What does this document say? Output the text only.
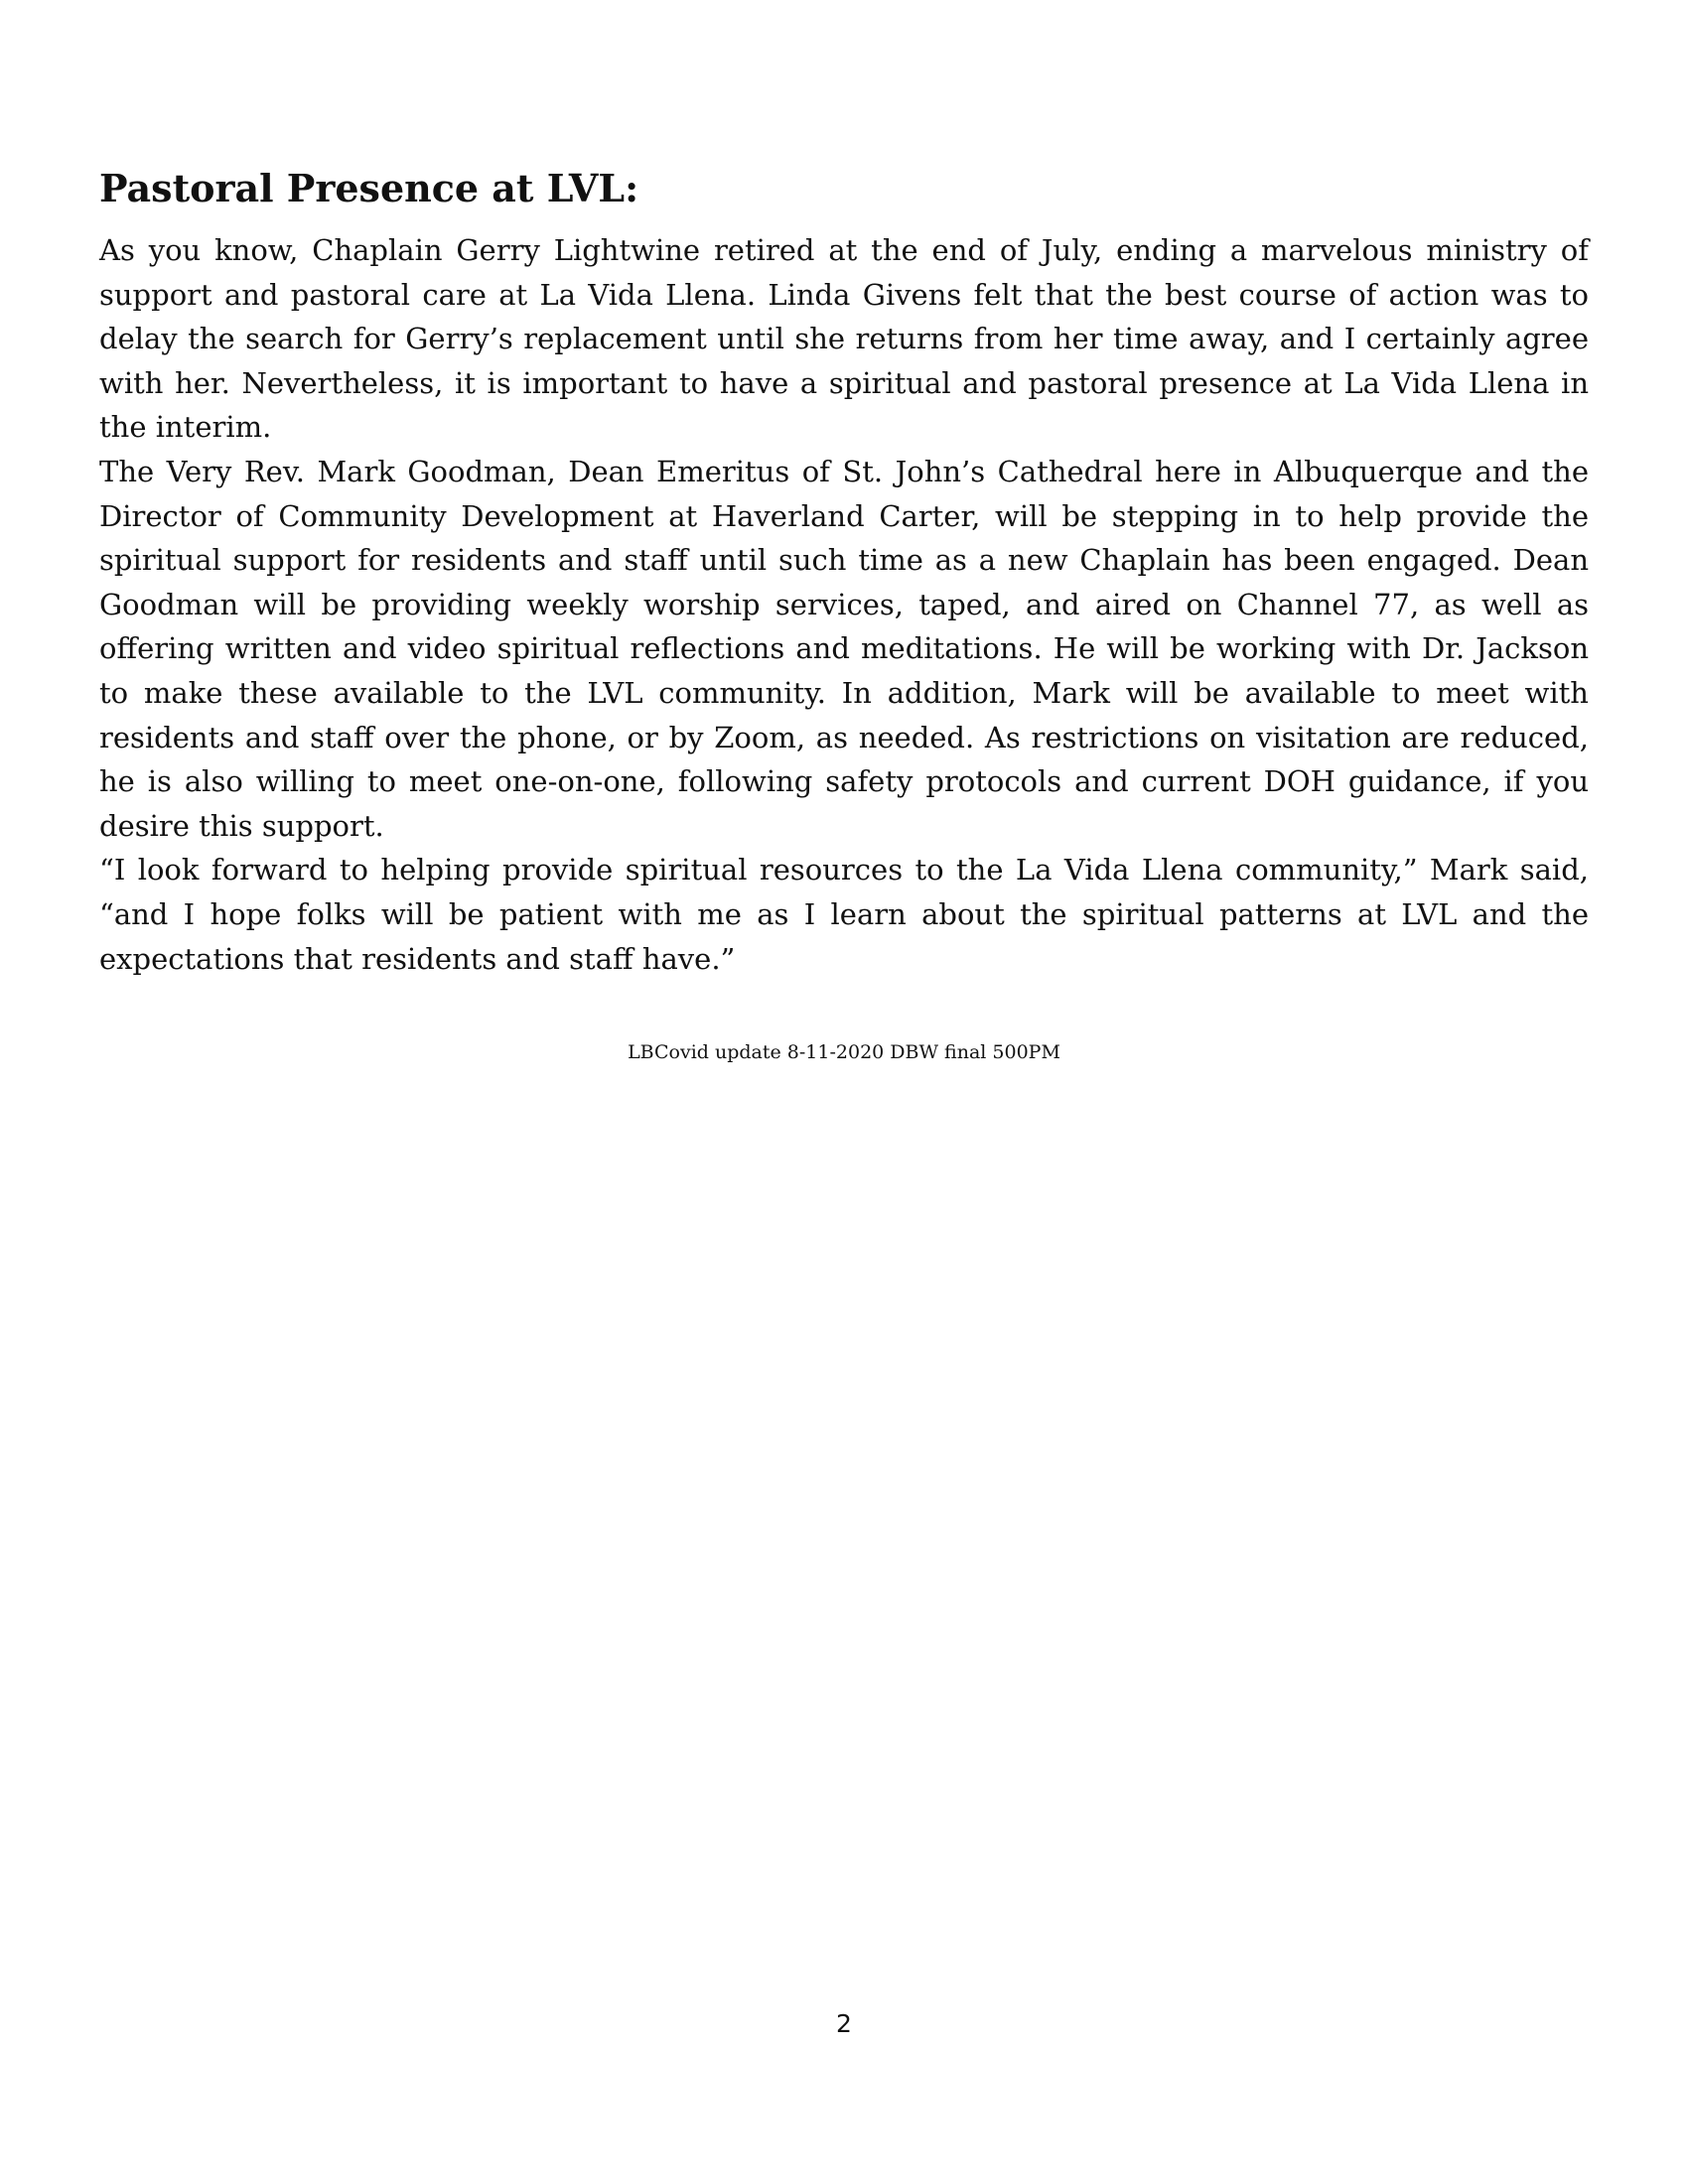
Pastoral Presence at LVL:

As you know, Chaplain Gerry Lightwine retired at the end of July, ending a marvelous ministry of support and pastoral care at La Vida Llena. Linda Givens felt that the best course of action was to delay the search for Gerry’s replacement until she returns from her time away, and I certainly agree with her. Nevertheless, it is important to have a spiritual and pastoral presence at La Vida Llena in the interim.

The Very Rev. Mark Goodman, Dean Emeritus of St. John’s Cathedral here in Albuquerque and the Director of Community Development at Haverland Carter, will be stepping in to help provide the spiritual support for residents and staff until such time as a new Chaplain has been engaged. Dean Goodman will be providing weekly worship services, taped, and aired on Channel 77, as well as offering written and video spiritual reflections and meditations. He will be working with Dr. Jackson to make these available to the LVL community. In addition, Mark will be available to meet with residents and staff over the phone, or by Zoom, as needed. As restrictions on visitation are reduced, he is also willing to meet one-on-one, following safety protocols and current DOH guidance, if you desire this support.

“I look forward to helping provide spiritual resources to the La Vida Llena community,” Mark said, “and I hope folks will be patient with me as I learn about the spiritual patterns at LVL and the expectations that residents and staff have.”

LBCovid update 8-11-2020 DBW final 500PM
2
